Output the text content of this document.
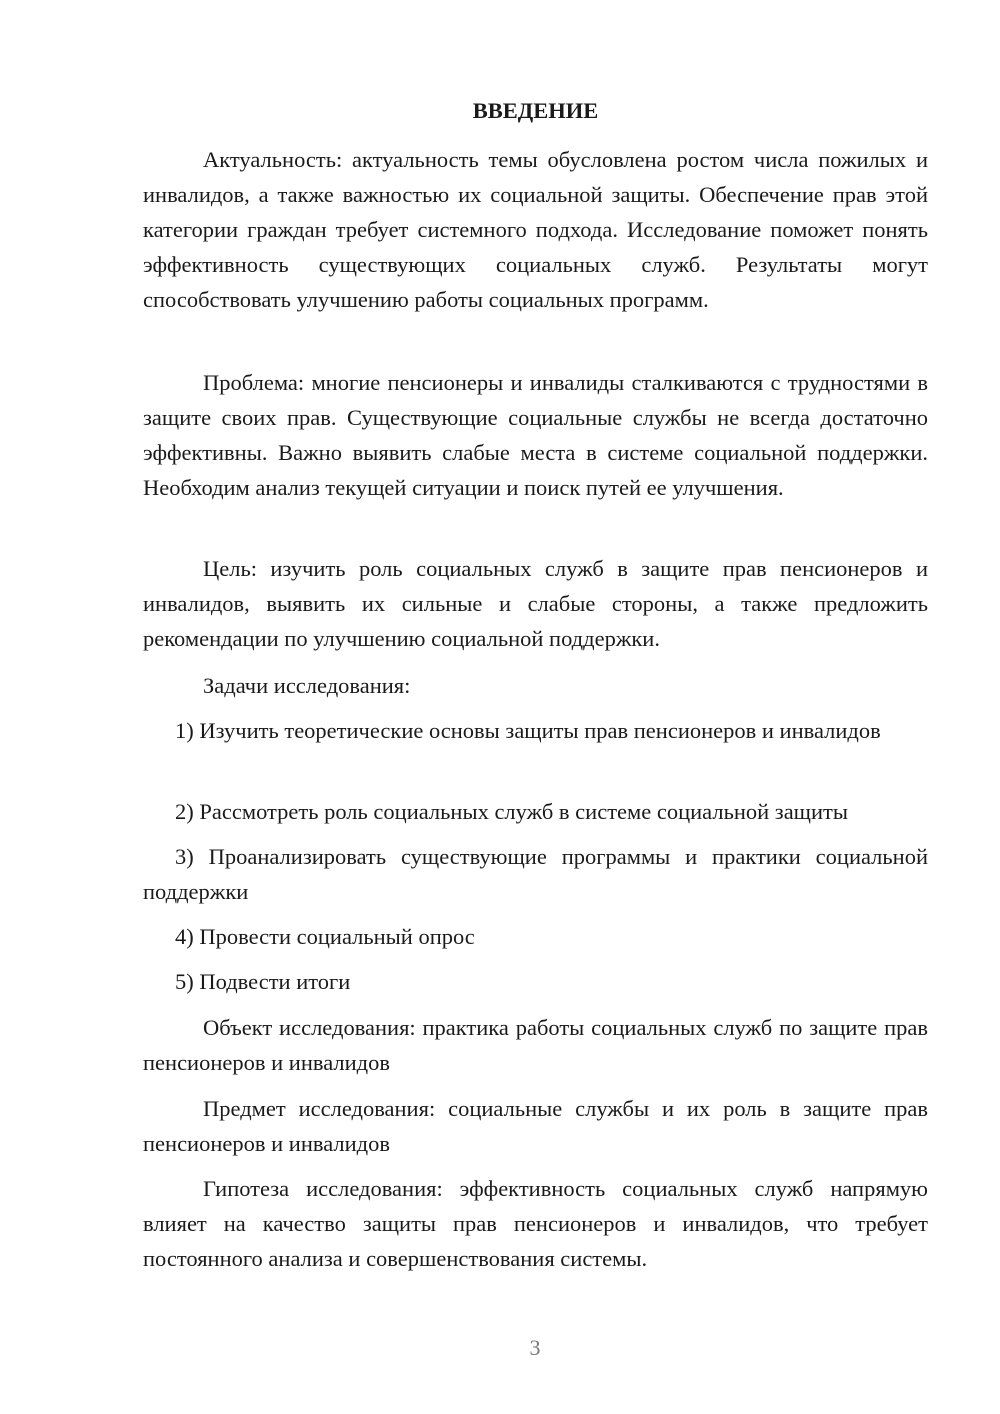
ВВЕДЕНИЕ

Актуальность: актуальность темы обусловлена ростом числа пожилых и инвалидов, а также важностью их социальной защиты. Обеспечение прав этой категории граждан требует системного подхода. Исследование поможет понять эффективность существующих социальных служб. Результаты могут способствовать улучшению работы социальных программ.

Проблема: многие пенсионеры и инвалиды сталкиваются с трудностями в защите своих прав. Существующие социальные службы не всегда достаточно эффективны. Важно выявить слабые места в системе социальной поддержки. Необходим анализ текущей ситуации и поиск путей ее улучшения.

Цель: изучить роль социальных служб в защите прав пенсионеров и инвалидов, выявить их сильные и слабые стороны, а также предложить рекомендации по улучшению социальной поддержки.

Задачи исследования:

1) Изучить теоретические основы защиты прав пенсионеров и инвалидов

2) Рассмотреть роль социальных служб в системе социальной защиты

3) Проанализировать существующие программы и практики социальной поддержки

4) Провести социальный опрос

5) Подвести итоги

Объект исследования: практика работы социальных служб по защите прав пенсионеров и инвалидов

Предмет исследования: социальные службы и их роль в защите прав пенсионеров и инвалидов

Гипотеза исследования: эффективность социальных служб напрямую влияет на качество защиты прав пенсионеров и инвалидов, что требует постоянного анализа и совершенствования системы.

3
